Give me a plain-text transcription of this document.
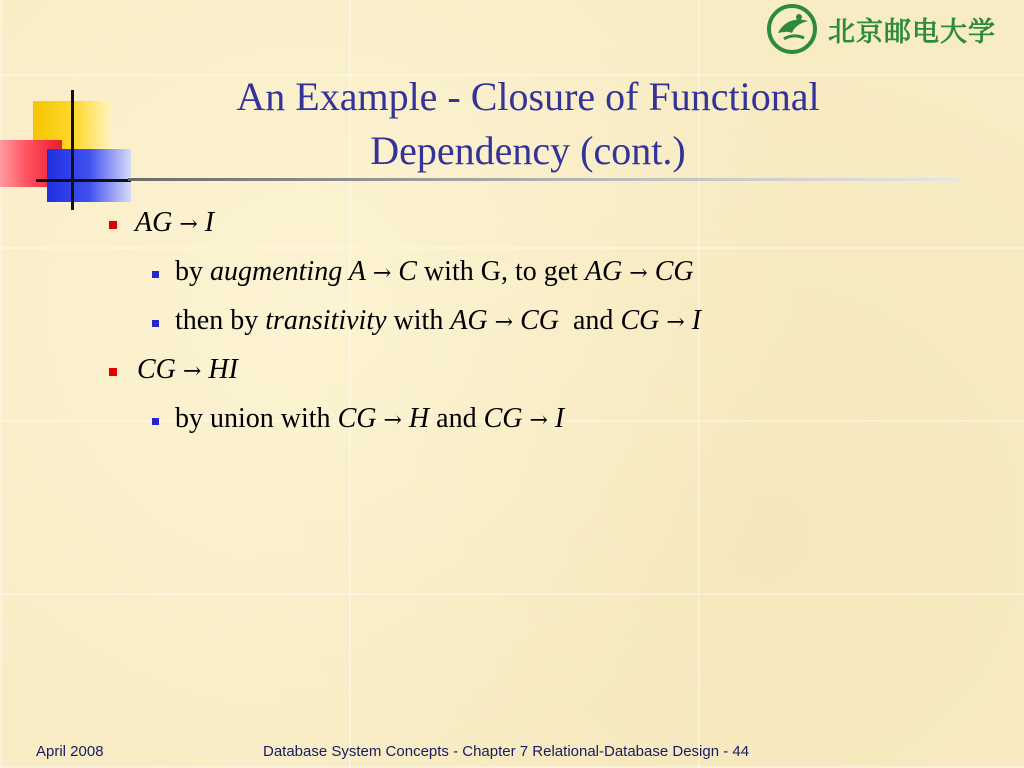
北京邮电大学
An Example - Closure of Functional
Dependency (cont.)
AG → I
by augmenting A → C with G, to get AG → CG
then by transitivity with AG → CG  and CG → I
CG → HI
by union with CG → H and CG → I
April 2008	Database System Concepts - Chapter 7 Relational-Database Design - 44
